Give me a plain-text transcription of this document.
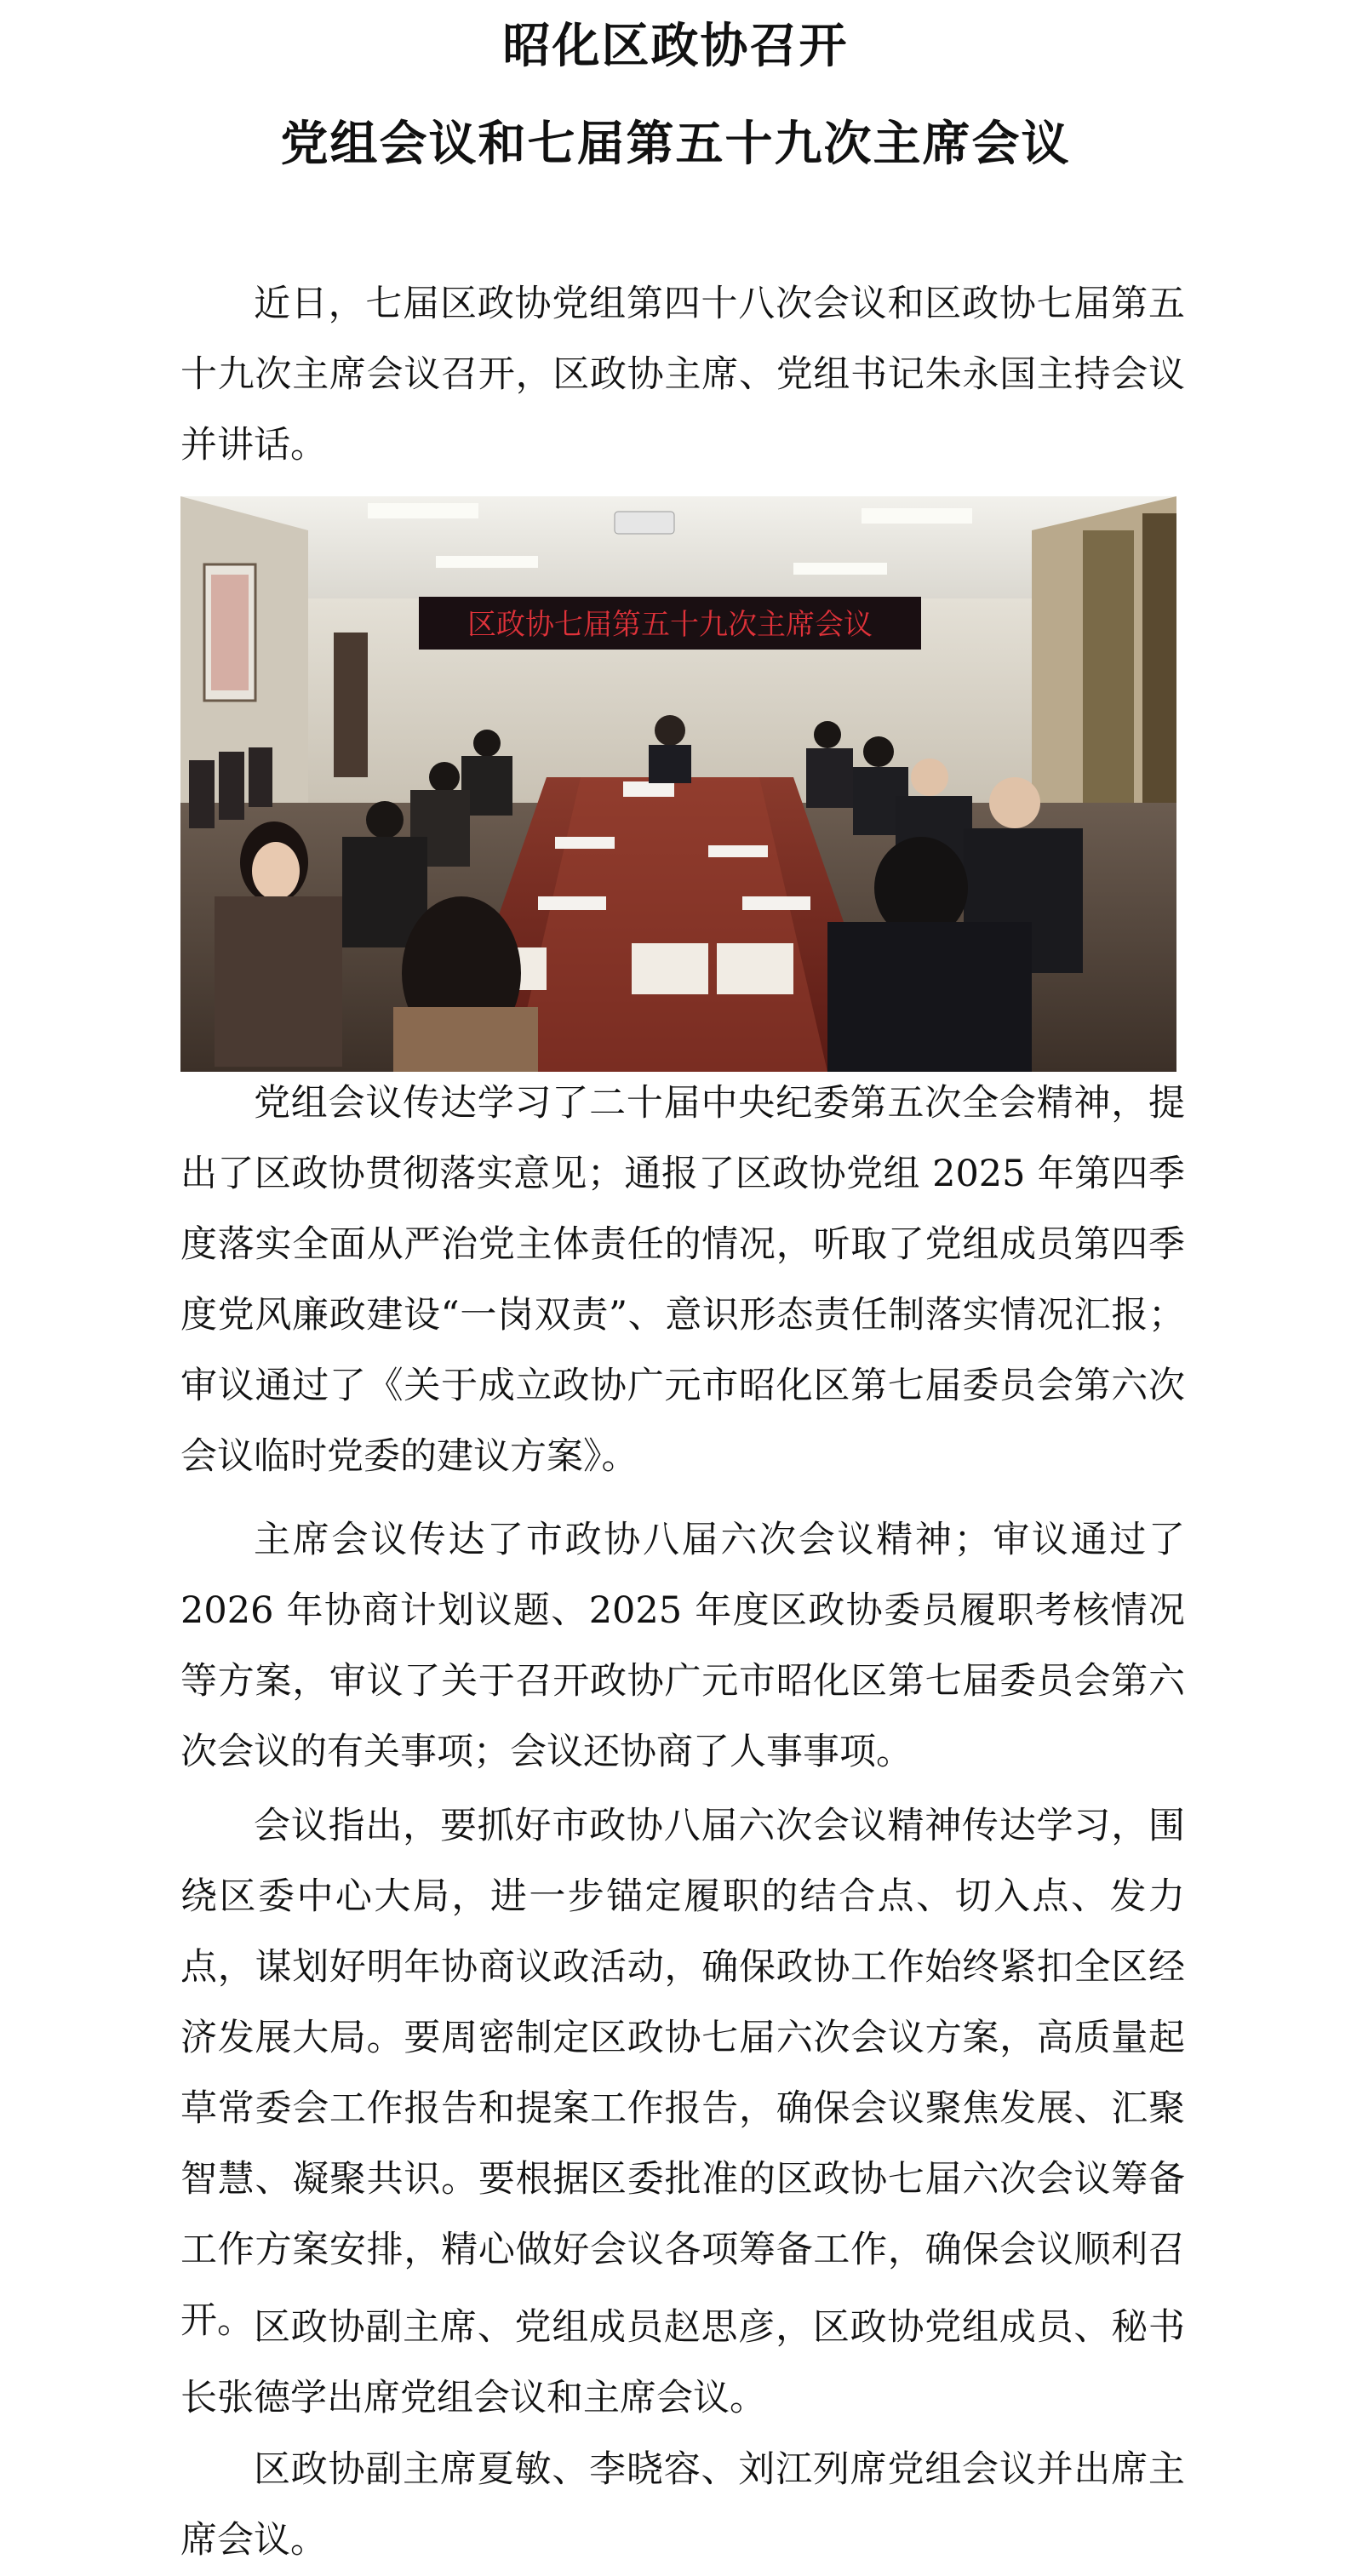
昭化区政协召开
党组会议和七届第五十九次主席会议

近日，七届区政协党组第四十八次会议和区政协七届第五十九次主席会议召开，区政协主席、党组书记朱永国主持会议并讲话。

区政协七届第五十九次主席会议

党组会议传达学习了二十届中央纪委第五次全会精神，提出了区政协贯彻落实意见；通报了区政协党组 2025 年第四季度落实全面从严治党主体责任的情况，听取了党组成员第四季度党风廉政建设“一岗双责”、意识形态责任制落实情况汇报；审议通过了《关于成立政协广元市昭化区第七届委员会第六次会议临时党委的建议方案》。

主席会议传达了市政协八届六次会议精神；审议通过了 2026 年协商计划议题、2025 年度区政协委员履职考核情况等方案，审议了关于召开政协广元市昭化区第七届委员会第六次会议的有关事项；会议还协商了人事事项。

会议指出，要抓好市政协八届六次会议精神传达学习，围绕区委中心大局，进一步锚定履职的结合点、切入点、发力点，谋划好明年协商议政活动，确保政协工作始终紧扣全区经济发展大局。要周密制定区政协七届六次会议方案，高质量起草常委会工作报告和提案工作报告，确保会议聚焦发展、汇聚智慧、凝聚共识。要根据区委批准的区政协七届六次会议筹备工作方案安排，精心做好会议各项筹备工作，确保会议顺利召开。 区政协副主席、党组成员赵思彦，区政协党组成员、秘书长张德学出席党组会议和主席会议。

区政协副主席夏敏、李晓容、刘江列席党组会议并出席主席会议。
